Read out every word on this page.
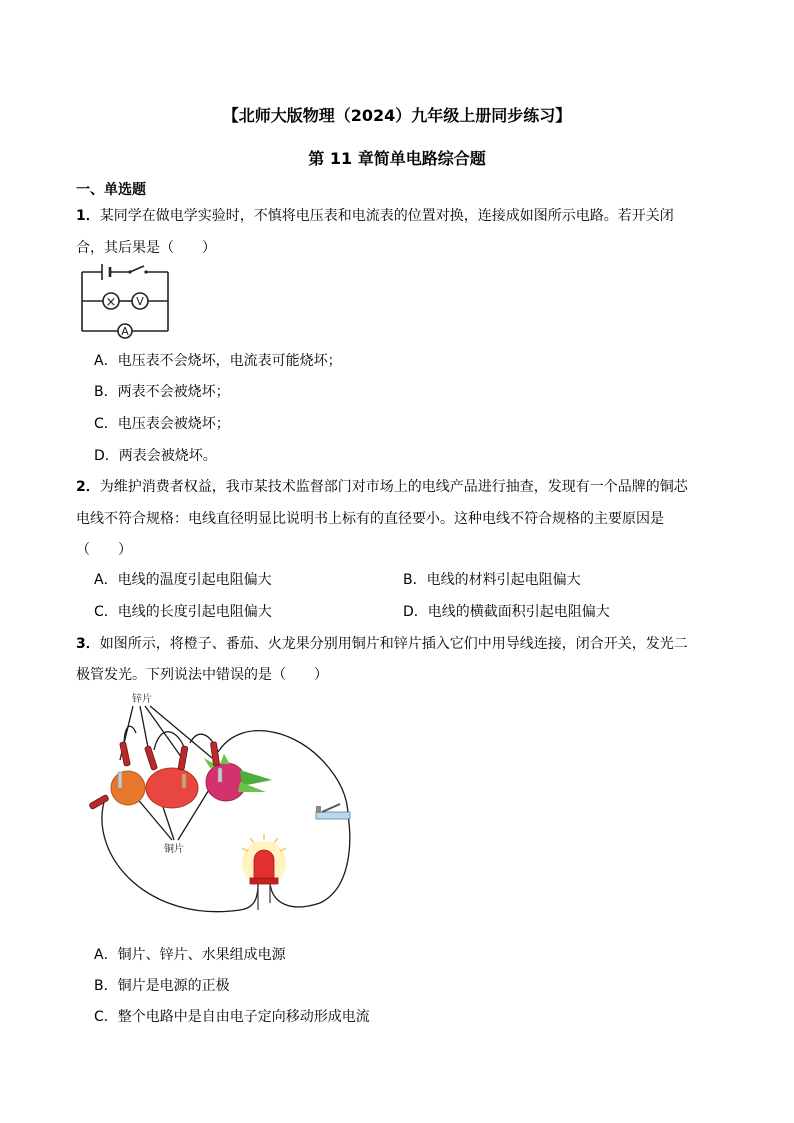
【北师大版物理（2024）九年级上册同步练习】
第 11 章简单电路综合题
一、单选题
1．某同学在做电学实验时，不慎将电压表和电流表的位置对换，连接成如图所示电路。若开关闭
合，其后果是（　　）
× V
A
A．电压表不会烧坏，电流表可能烧坏；
B．两表不会被烧坏；
C．电压表会被烧坏；
D．两表会被烧坏。
2．为维护消费者权益，我市某技术监督部门对市场上的电线产品进行抽查，发现有一个品牌的铜芯
电线不符合规格：电线直径明显比说明书上标有的直径要小。这种电线不符合规格的主要原因是
（　　）
A．电线的温度引起电阻偏大	B．电线的材料引起电阻偏大
C．电线的长度引起电阻偏大	D．电线的横截面积引起电阻偏大
3．如图所示，将橙子、番茄、火龙果分别用铜片和锌片插入它们中用导线连接，闭合开关，发光二
极管发光。下列说法中错误的是（　　）
锌片
铜片
A．铜片、锌片、水果组成电源
B．铜片是电源的正极
C．整个电路中是自由电子定向移动形成电流
